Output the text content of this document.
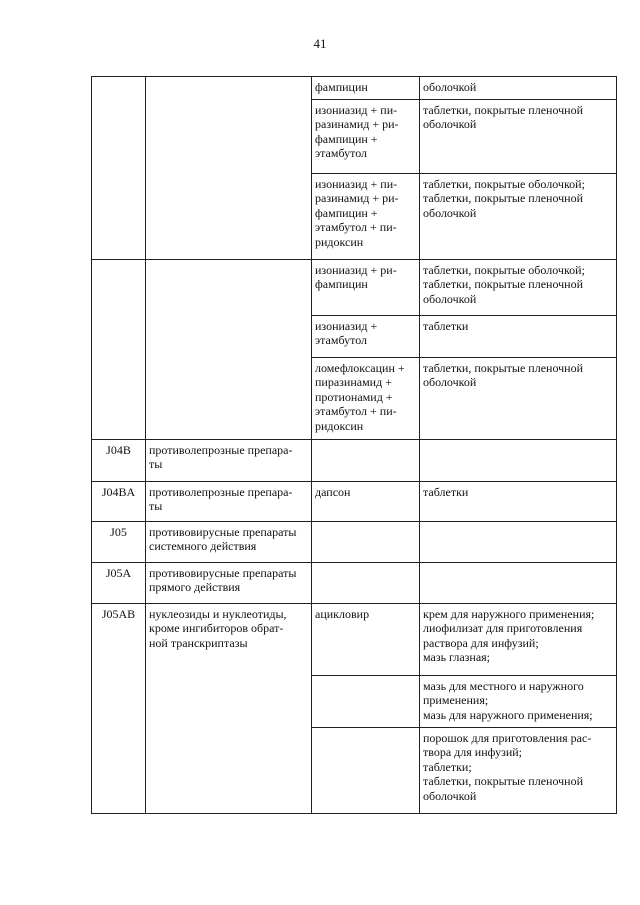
41

		фампицин	оболочкой

		изониазид + пи-
разинамид + ри-
фампицин +
этамбутол	таблетки, покрытые пленочной
оболочкой

		изониазид + пи-
разинамид + ри-
фампицин +
этамбутол + пи-
ридоксин	таблетки, покрытые оболочкой;
таблетки, покрытые пленочной
оболочкой

		изониазид + ри-
фампицин	таблетки, покрытые оболочкой;
таблетки, покрытые пленочной
оболочкой

		изониазид +
этамбутол	таблетки

		ломефлоксацин +
пиразинамид +
протионамид +
этамбутол + пи-
ридоксин	таблетки, покрытые пленочной
оболочкой

J04B	противолепрозные препара-
ты		

J04BA	противолепрозные препара-
ты	дапсон	таблетки

J05	противовирусные препараты
системного действия		

J05A	противовирусные препараты
прямого действия		

J05AB	нуклеозиды и нуклеотиды,
кроме ингибиторов обрат-
ной транскриптазы	ацикловир	крем для наружного применения;
лиофилизат для приготовления
раствора для инфузий;
мазь глазная;

			мазь для местного и наружного
применения;
мазь для наружного применения;

			порошок для приготовления рас-
твора для инфузий;
таблетки;
таблетки, покрытые пленочной
оболочкой
